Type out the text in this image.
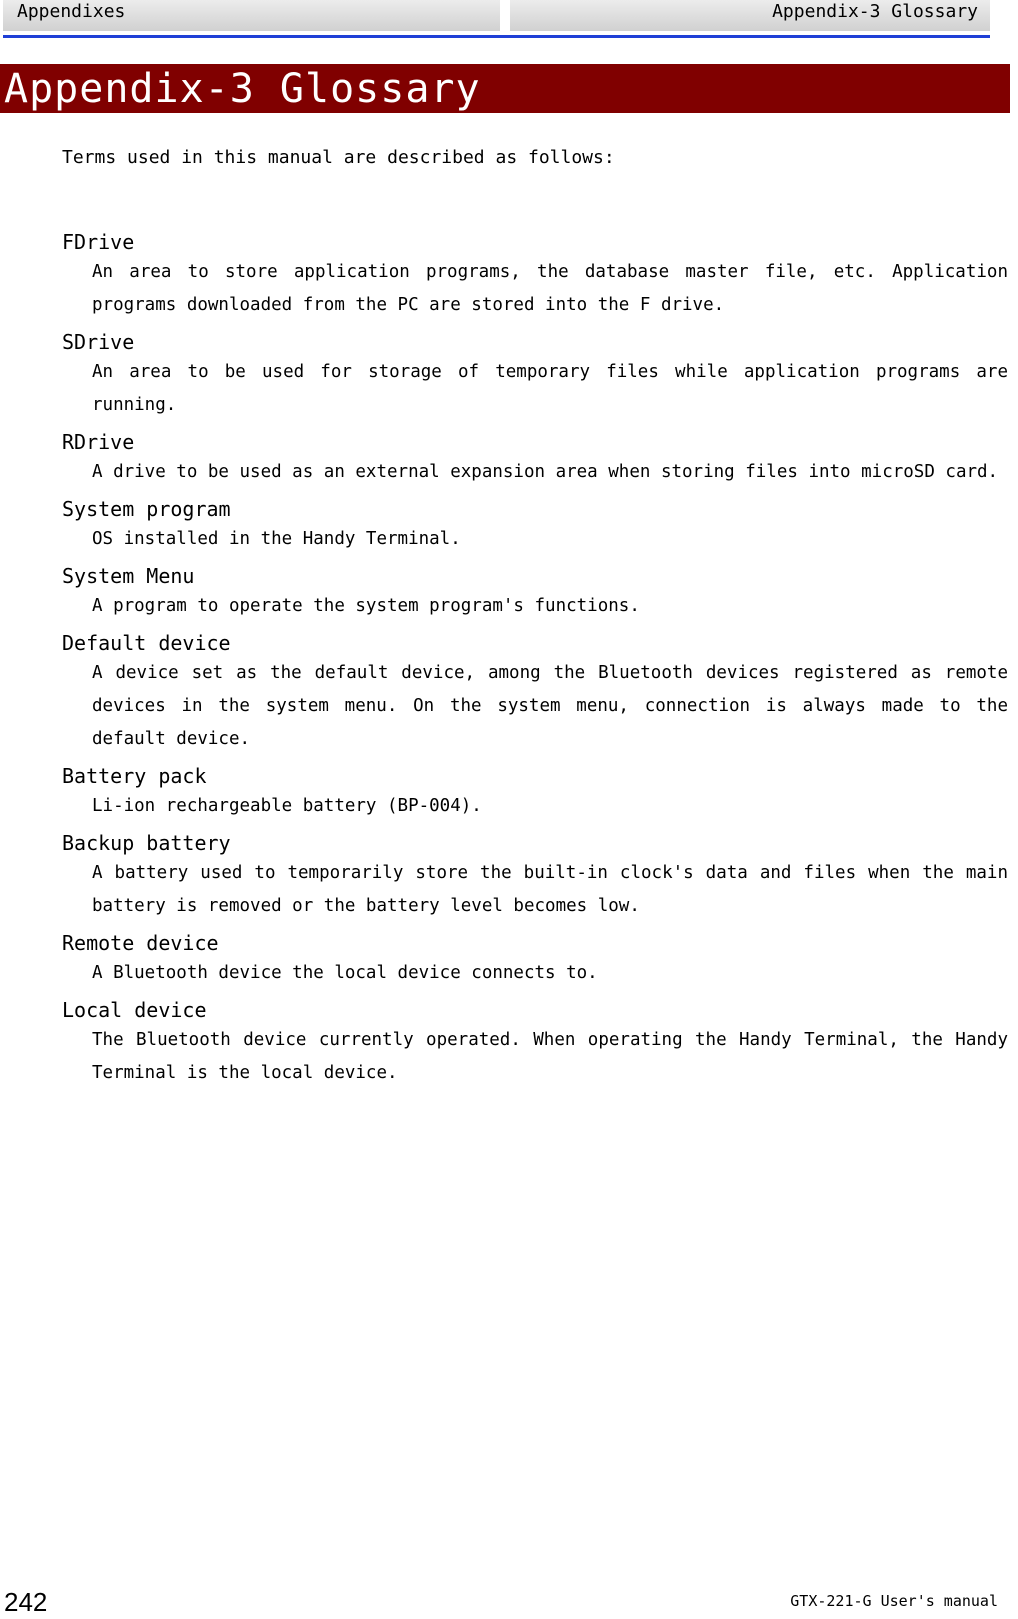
Appendixes	Appendix-3 Glossary
Appendix-3 Glossary
Terms used in this manual are described as follows:
FDrive
An area to store application programs, the database master file, etc. Application programs downloaded from the PC are stored into the F drive.
SDrive
An area to be used for storage of temporary files while application programs are running.
RDrive
A drive to be used as an external expansion area when storing files into microSD card.
System program
OS installed in the Handy Terminal.
System Menu
A program to operate the system program's functions.
Default device
A device set as the default device, among the Bluetooth devices registered as remote devices in the system menu. On the system menu, connection is always made to the default device.
Battery pack
Li-ion rechargeable battery (BP-004).
Backup battery
A battery used to temporarily store the built-in clock's data and files when the main battery is removed or the battery level becomes low.
Remote device
A Bluetooth device the local device connects to.
Local device
The Bluetooth device currently operated. When operating the Handy Terminal, the Handy Terminal is the local device.
242	GTX-221-G User's manual
